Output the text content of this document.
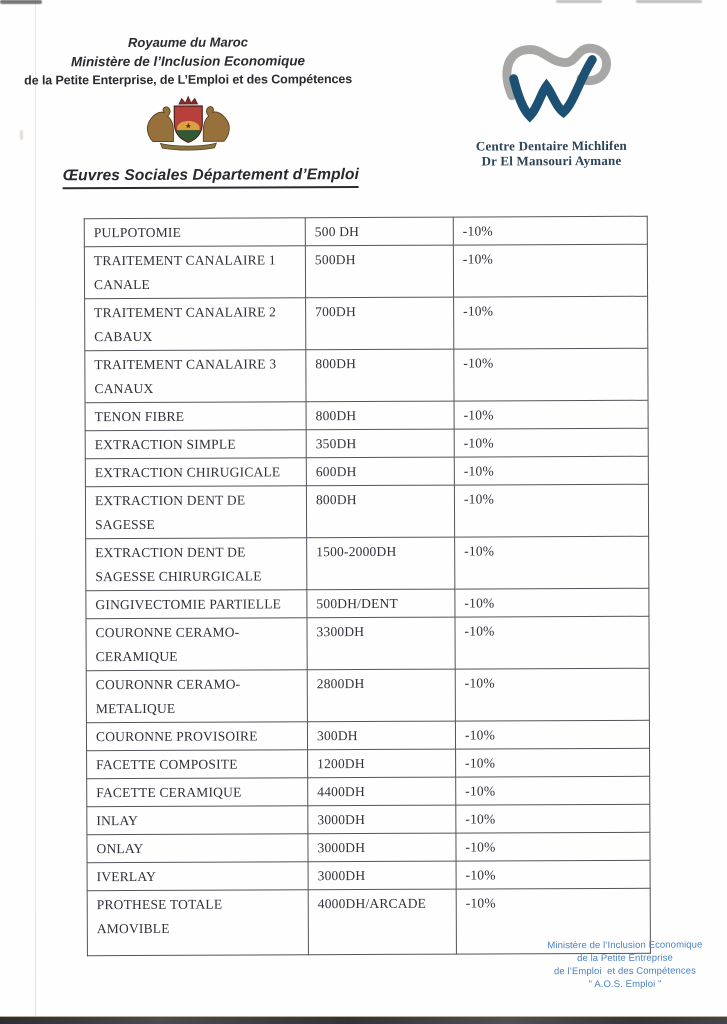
Royaume du Maroc
Ministère de l’Inclusion Economique
de la Petite Enterprise, de L’Emploi et des Compétences
Centre Dentaire Michlifen
Dr El Mansouri Aymane
Œuvres Sociales Département d’Emploi
PULPOTOMIE	500 DH	-10%
TRAITEMENT CANALAIRE 1
CANALE	500DH	-10%
TRAITEMENT CANALAIRE 2
CABAUX	700DH	-10%
TRAITEMENT CANALAIRE 3
CANAUX	800DH	-10%
TENON FIBRE	800DH	-10%
EXTRACTION SIMPLE	350DH	-10%
EXTRACTION CHIRUGICALE	600DH	-10%
EXTRACTION DENT DE
SAGESSE	800DH	-10%
EXTRACTION DENT DE
SAGESSE CHIRURGICALE	1500-2000DH	-10%
GINGIVECTOMIE PARTIELLE	500DH/DENT	-10%
COURONNE CERAMO-
CERAMIQUE	3300DH	-10%
COURONNR CERAMO-
METALIQUE	2800DH	-10%
COURONNE PROVISOIRE	300DH	-10%
FACETTE COMPOSITE	1200DH	-10%
FACETTE CERAMIQUE	4400DH	-10%
INLAY	3000DH	-10%
ONLAY	3000DH	-10%
IVERLAY	3000DH	-10%
PROTHESE TOTALE
AMOVIBLE	4000DH/ARCADE	-10%
Ministère de l’Inclusion Economique
de la Petite Entreprise
de l’Emploi  et des Compétences
" A.O.S. Emploi "
